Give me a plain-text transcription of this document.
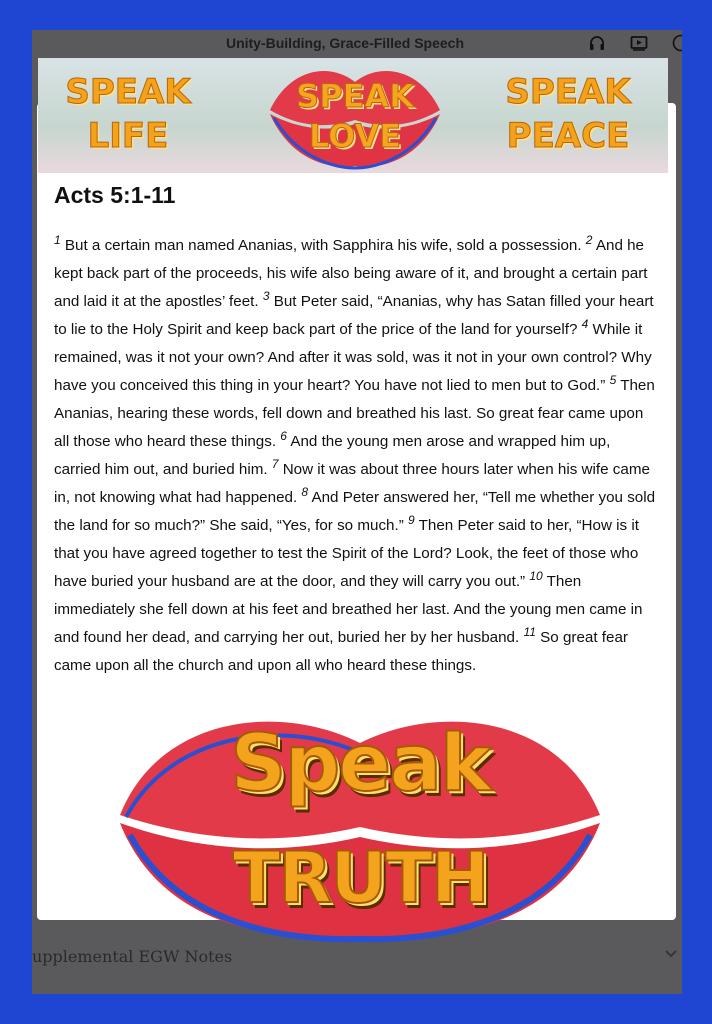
Unity-Building, Grace-Filled Speech
upplemental EGW Notes
SPEAK
LIFE
SPEAK
LOVE
SPEAK
PEACE
Acts 5:1-11
$^1$ But a certain man named Ananias, with Sapphira his wife, sold a possession. $^2$ And he kept back part of the proceeds, his wife also being aware of it, and brought a certain part and laid it at the apostles’ feet. $^3$ But Peter said, “Ananias, why has Satan filled your heart to lie to the Holy Spirit and keep back part of the price of the land for yourself? $^4$ While it remained, was it not your own? And after it was sold, was it not in your own control? Why have you conceived this thing in your heart? You have not lied to men but to God.” $^5$ Then Ananias, hearing these words, fell down and breathed his last. So great fear came upon all those who heard these things. $^6$ And the young men arose and wrapped him up, carried him out, and buried him. $^7$ Now it was about three hours later when his wife came in, not knowing what had happened. $^8$ And Peter answered her, “Tell me whether you sold the land for so much?” She said, “Yes, for so much.” $^9$ Then Peter said to her, “How is it that you have agreed together to test the Spirit of the Lord? Look, the feet of those who have buried your husband are at the door, and they will carry you out.” $^{10}$ Then immediately she fell down at his feet and breathed her last. And the young men came in and found her dead, and carrying her out, buried her by her husband. $^{11}$ So great fear came upon all the church and upon all who heard these things.
Speak
TRUTH
